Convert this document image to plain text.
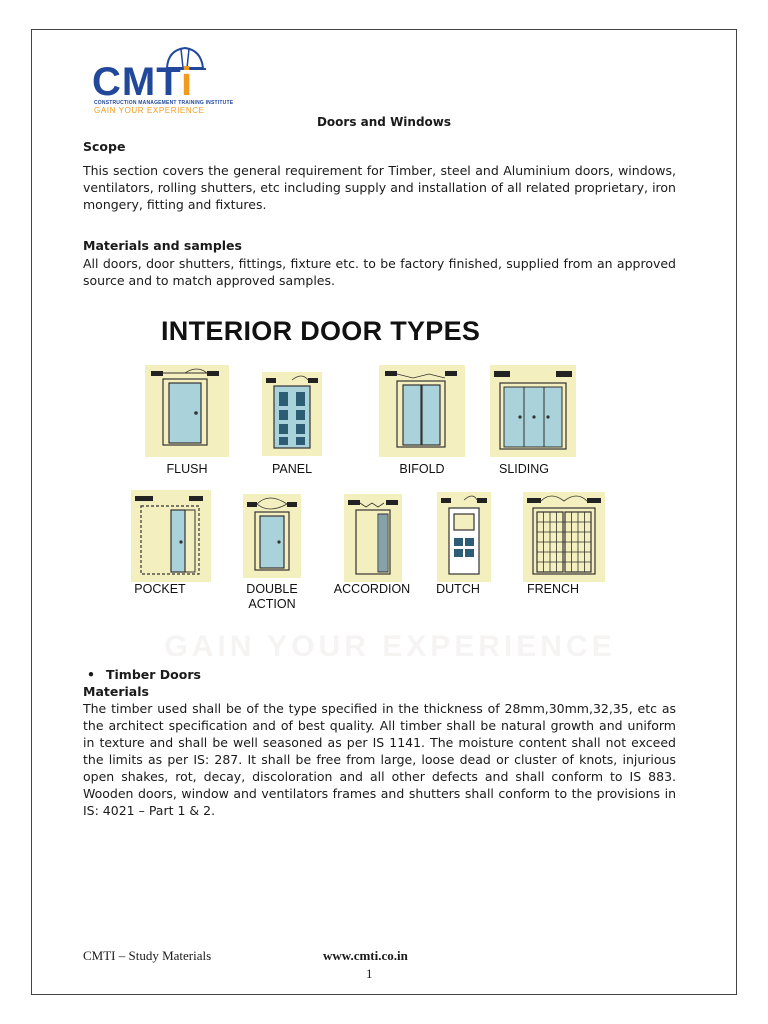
CMTi
CONSTRUCTION MANAGEMENT TRAINING INSTITUTE
GAIN YOUR EXPERIENCE
Doors and Windows
Scope

This section covers the general requirement for Timber, steel and Aluminium doors, windows, ventilators, rolling shutters, etc including supply and installation of all related proprietary, iron mongery, fitting and fixtures.

Materials and samples

All doors, door shutters, fittings, fixture etc. to be factory finished, supplied from an approved source and to match approved samples.

INTERIOR DOOR TYPES
FLUSH	PANEL	BIFOLD	SLIDING
POCKET	DOUBLE
ACTION
ACCORDION	DUTCH	FRENCH
GAIN YOUR EXPERIENCE
• Timber Doors
Materials

The timber used shall be of the type specified in the thickness of 28mm,30mm,32,35, etc as the architect specification and of best quality. All timber shall be natural growth and uniform in texture and shall be well seasoned as per IS 1141. The moisture content shall not exceed the limits as per IS: 287. It shall be free from large, loose dead or cluster of knots, injurious open shakes, rot, decay, discoloration and all other defects and shall conform to IS 883. Wooden doors, window and ventilators frames and shutters shall conform to the provisions in IS: 4021 – Part 1 & 2.

CMTI – Study Materials	www.cmti.co.in
1
